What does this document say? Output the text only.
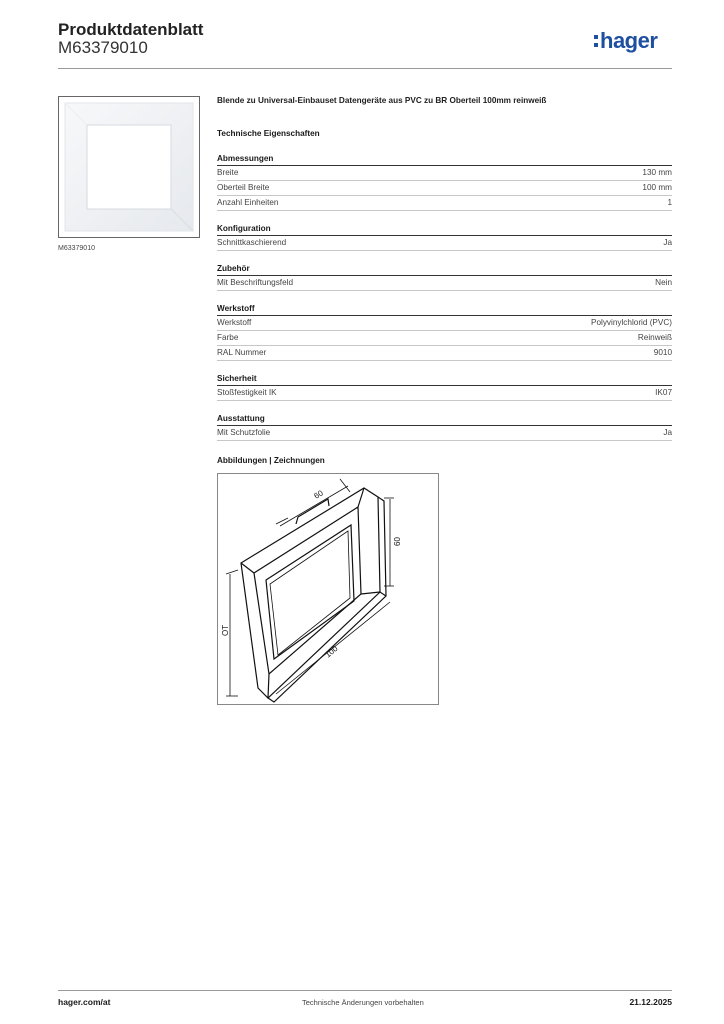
Produktdatenblatt
M63379010	hager
M63379010

Blende zu Universal-Einbauset Datengeräte aus PVC zu BR Oberteil 100mm reinweiß

Technische Eigenschaften
Abmessungen
Breite	130 mm
Oberteil Breite	100 mm
Anzahl Einheiten	1
Konfiguration
Schnittkaschierend	Ja
Zubehör
Mit Beschriftungsfeld	Nein
Werkstoff
Werkstoff	Polyvinylchlorid (PVC)
Farbe	Reinweiß
RAL Nummer	9010
Sicherheit
Stoßfestigkeit IK	IK07
Ausstattung
Mit Schutzfolie	Ja
Abbildungen | Zeichnungen
60
60
OT
100
hager.com/at	Technische Änderungen vorbehalten	21.12.2025
